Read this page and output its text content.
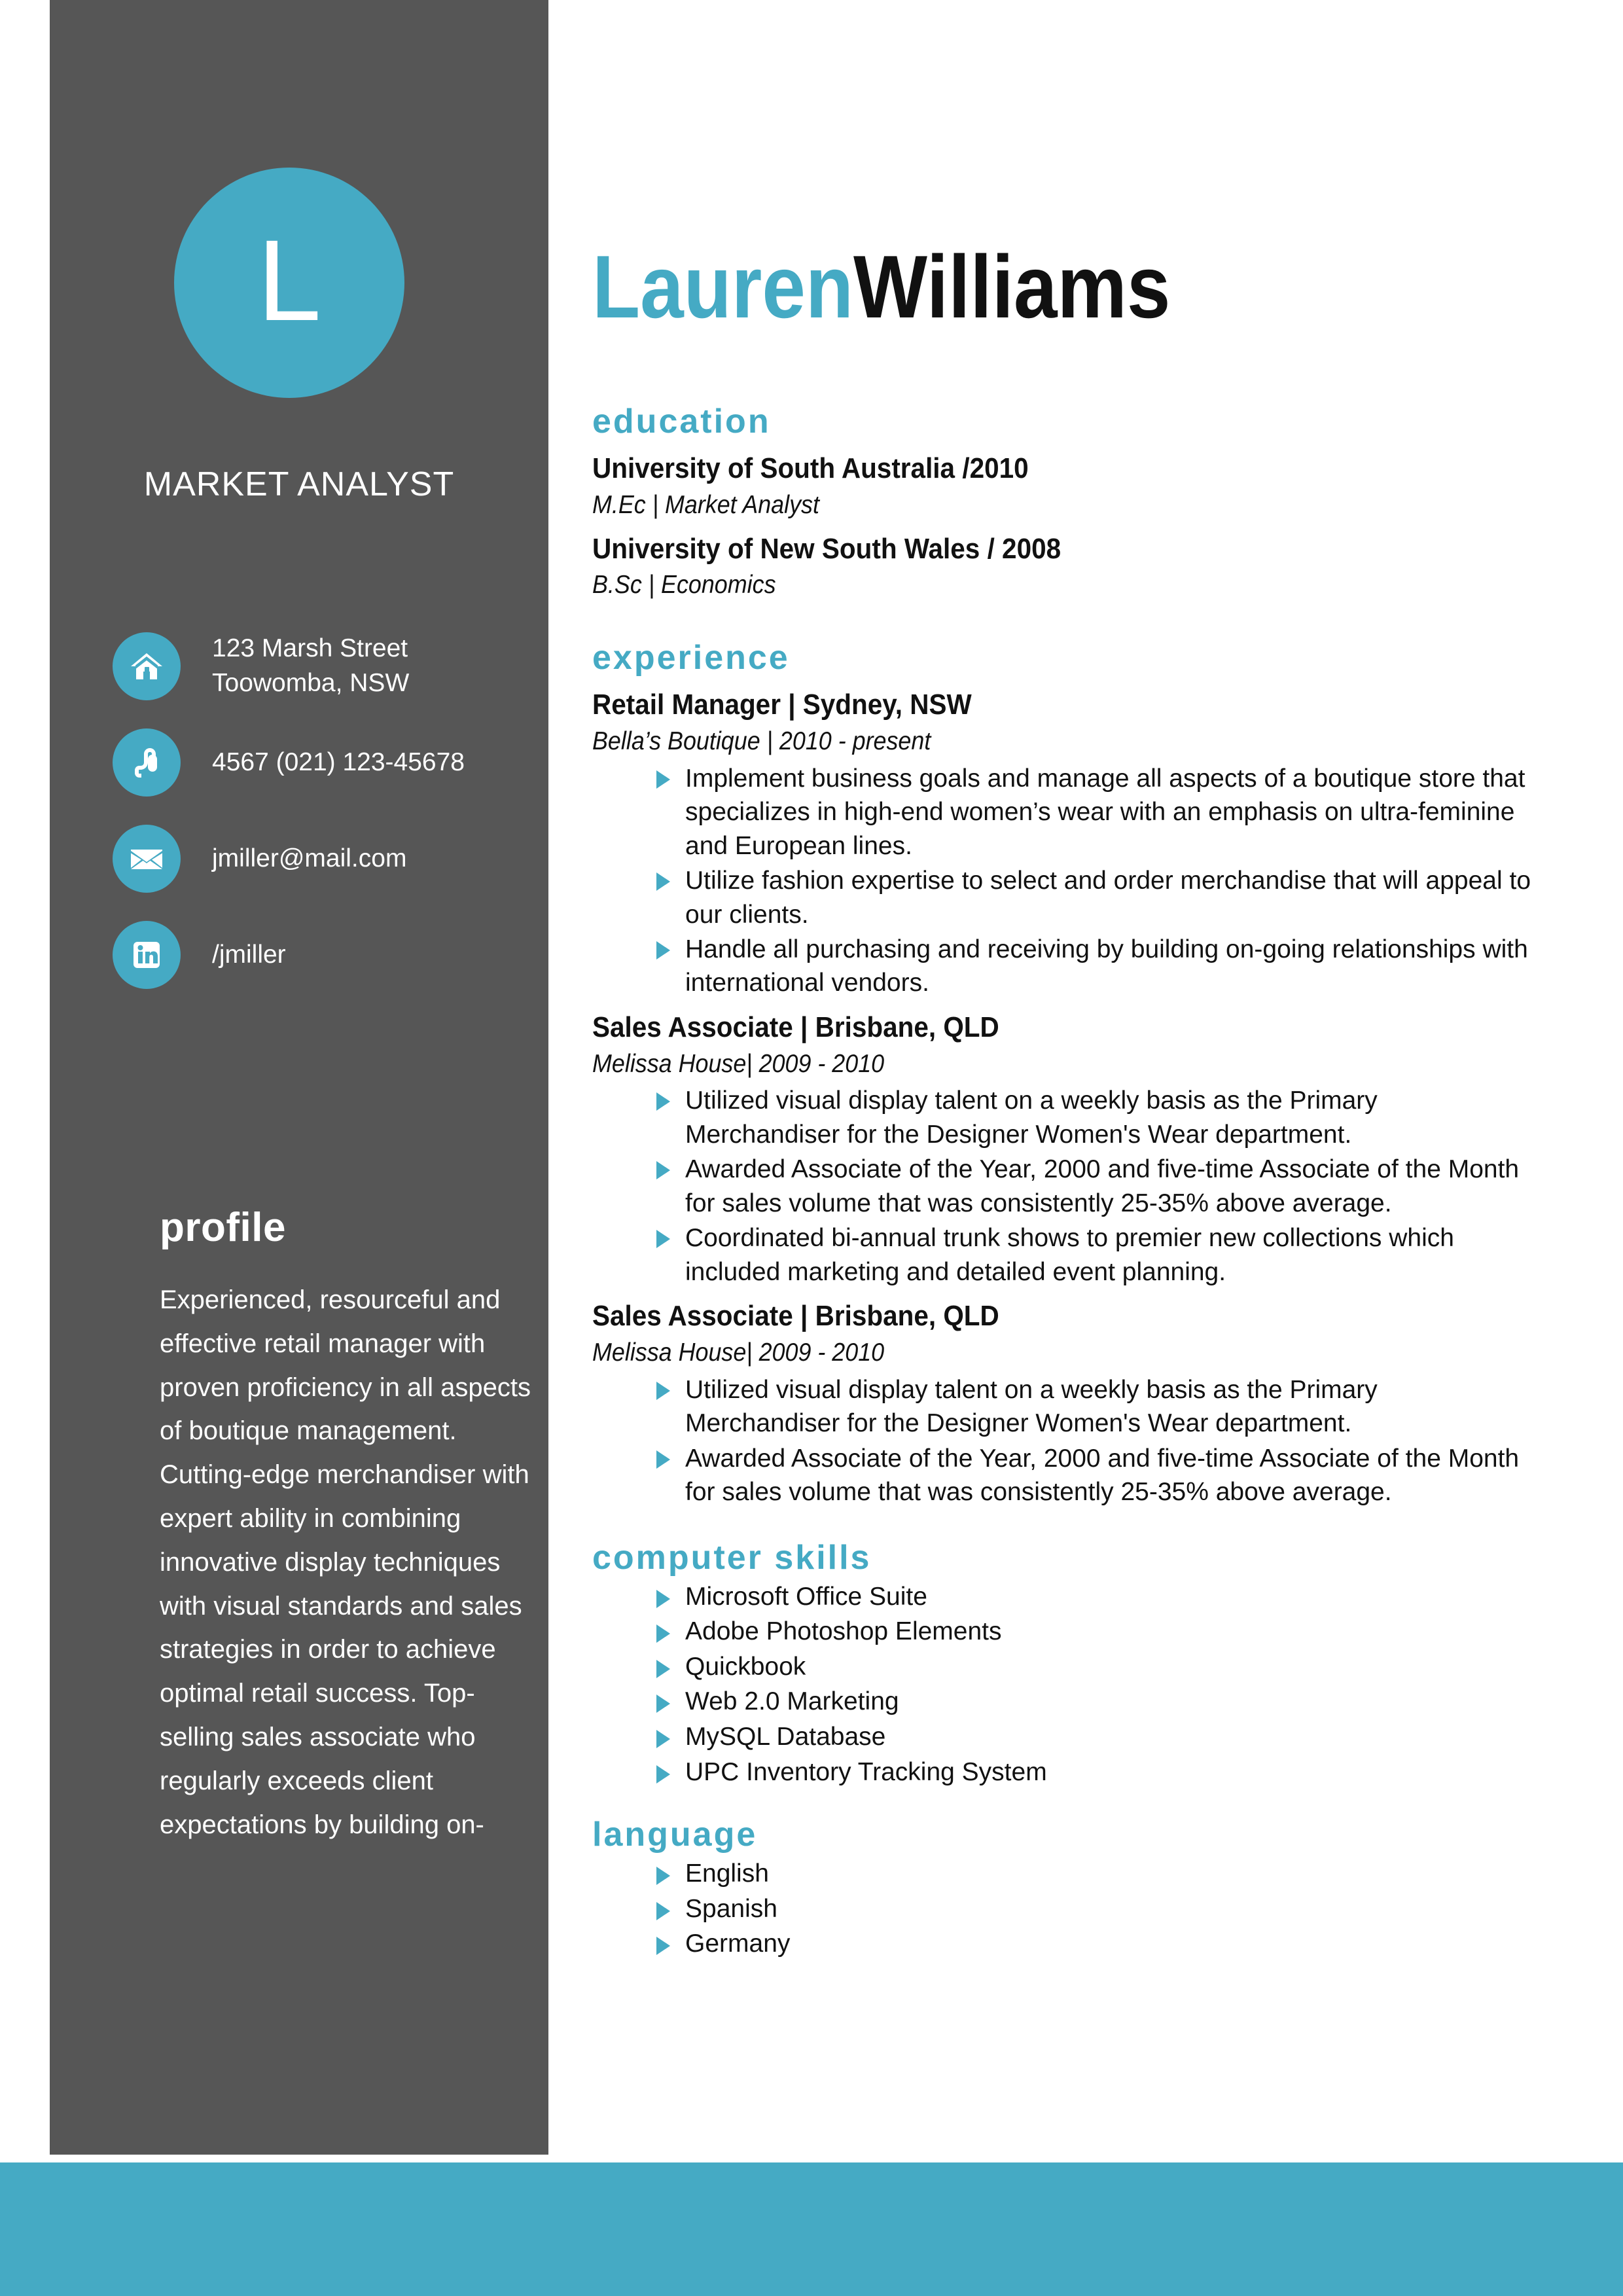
L
MARKET ANALYST
123 Marsh Street
Toowomba, NSW
4567 (021) 123-45678
jmiller@mail.com
/jmiller
profile

Experienced, resourceful and effective retail manager with proven proficiency in all aspects of boutique management. Cutting-edge merchandiser with expert ability in combining innovative display techniques with visual standards and sales strategies in order to achieve optimal retail success. Top-selling sales associate who regularly exceeds client expectations by building on-

LaurenWilliams
education
University of South Australia /2010
M.Ec | Market Analyst
University of New South Wales / 2008
B.Sc | Economics
experience
Retail Manager | Sydney, NSW
Bella’s Boutique | 2010 - present
Implement business goals and manage all aspects of a boutique store that specializes in high-end women’s wear with an emphasis on ultra-feminine and European lines.
Utilize fashion expertise to select and order merchandise that will appeal to our clients.
Handle all purchasing and receiving by building on-going relationships with international vendors.
Sales Associate | Brisbane, QLD
Melissa House| 2009 - 2010
Utilized visual display talent on a weekly basis as the Primary Merchandiser for the Designer Women's Wear department.
Awarded Associate of the Year, 2000 and five-time Associate of the Month for sales volume that was consistently 25-35% above average.
Coordinated bi-annual trunk shows to premier new collections which included marketing and detailed event planning.
Sales Associate | Brisbane, QLD
Melissa House| 2009 - 2010
Utilized visual display talent on a weekly basis as the Primary Merchandiser for the Designer Women's Wear department.
Awarded Associate of the Year, 2000 and five-time Associate of the Month for sales volume that was consistently 25-35% above average.
computer skills
Microsoft Office Suite
Adobe Photoshop Elements
Quickbook
Web 2.0 Marketing
MySQL Database
UPC Inventory Tracking System
language
English
Spanish
Germany
